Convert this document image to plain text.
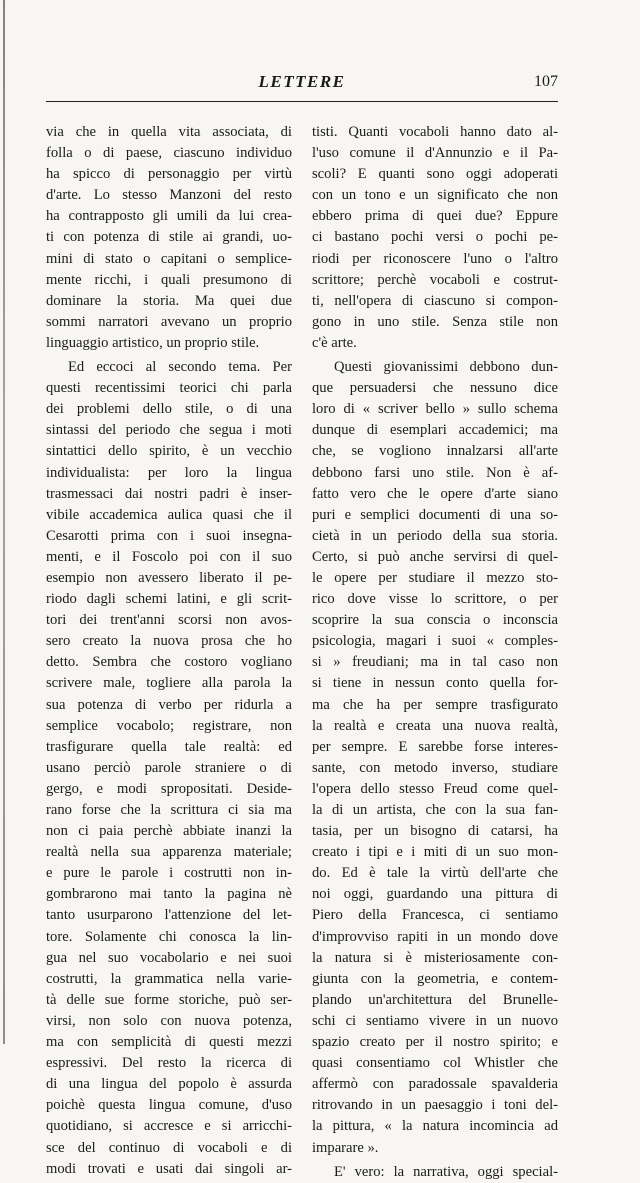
LETTERE	107
via che in quella vita associata, di
folla o di paese, ciascuno individuo
ha spicco di personaggio per virtù
d'arte. Lo stesso Manzoni del resto
ha contrapposto gli umili da lui crea-
ti con potenza di stile ai grandi, uo-
mini di stato o capitani o semplice-
mente ricchi, i quali presumono di
dominare la storia. Ma quei due
sommi narratori avevano un proprio
linguaggio artistico, un proprio stile.
Ed eccoci al secondo tema. Per
questi recentissimi teorici chi parla
dei problemi dello stile, o di una
sintassi del periodo che segua i moti
sintattici dello spirito, è un vecchio
individualista: per loro la lingua
trasmessaci dai nostri padri è inser-
vibile accademica aulica quasi che il
Cesarotti prima con i suoi insegna-
menti, e il Foscolo poi con il suo
esempio non avessero liberato il pe-
riodo dagli schemi latini, e gli scrit-
tori dei trent'anni scorsi non avos-
sero creato la nuova prosa che ho
detto. Sembra che costoro vogliano
scrivere male, togliere alla parola la
sua potenza di verbo per ridurla a
semplice vocabolo; registrare, non
trasfigurare quella tale realtà: ed
usano perciò parole straniere o di
gergo, e modi spropositati. Deside-
rano forse che la scrittura ci sia ma
non ci paia perchè abbiate inanzi la
realtà nella sua apparenza materiale;
e pure le parole i costrutti non in-
gombrarono mai tanto la pagina nè
tanto usurparono l'attenzione del let-
tore. Solamente chi conosca la lin-
gua nel suo vocabolario e nei suoi
costrutti, la grammatica nella varie-
tà delle sue forme storiche, può ser-
virsi, non solo con nuova potenza,
ma con semplicità di questi mezzi
espressivi. Del resto la ricerca di
di una lingua del popolo è assurda
poichè questa lingua comune, d'uso
quotidiano, si accresce e si arricchi-
sce del continuo di vocaboli e di
modi trovati e usati dai singoli ar-
tisti. Quanti vocaboli hanno dato al-
l'uso comune il d'Annunzio e il Pa-
scoli? E quanti sono oggi adoperati
con un tono e un significato che non
ebbero prima di quei due? Eppure
ci bastano pochi versi o pochi pe-
riodi per riconoscere l'uno o l'altro
scrittore; perchè vocaboli e costrut-
ti, nell'opera di ciascuno si compon-
gono in uno stile. Senza stile non
c'è arte.
Questi giovanissimi debbono dun-
que persuadersi che nessuno dice
loro di « scriver bello » sullo schema
dunque di esemplari accademici; ma
che, se vogliono innalzarsi all'arte
debbono farsi uno stile. Non è af-
fatto vero che le opere d'arte siano
puri e semplici documenti di una so-
cietà in un periodo della sua storia.
Certo, si può anche servirsi di quel-
le opere per studiare il mezzo sto-
rico dove visse lo scrittore, o per
scoprire la sua conscia o inconscia
psicologia, magari i suoi « comples-
si » freudiani; ma in tal caso non
si tiene in nessun conto quella for-
ma che ha per sempre trasfigurato
la realtà e creata una nuova realtà,
per sempre. E sarebbe forse interes-
sante, con metodo inverso, studiare
l'opera dello stesso Freud come quel-
la di un artista, che con la sua fan-
tasia, per un bisogno di catarsi, ha
creato i tipi e i miti di un suo mon-
do. Ed è tale la virtù dell'arte che
noi oggi, guardando una pittura di
Piero della Francesca, ci sentiamo
d'improvviso rapiti in un mondo dove
la natura si è misteriosamente con-
giunta con la geometria, e contem-
plando un'architettura del Brunelle-
schi ci sentiamo vivere in un nuovo
spazio creato per il nostro spirito; e
quasi consentiamo col Whistler che
affermò con paradossale spavalderia
ritrovando in un paesaggio i toni del-
la pittura, « la natura incomincia ad
imparare ».
E' vero: la narrativa, oggi special-
